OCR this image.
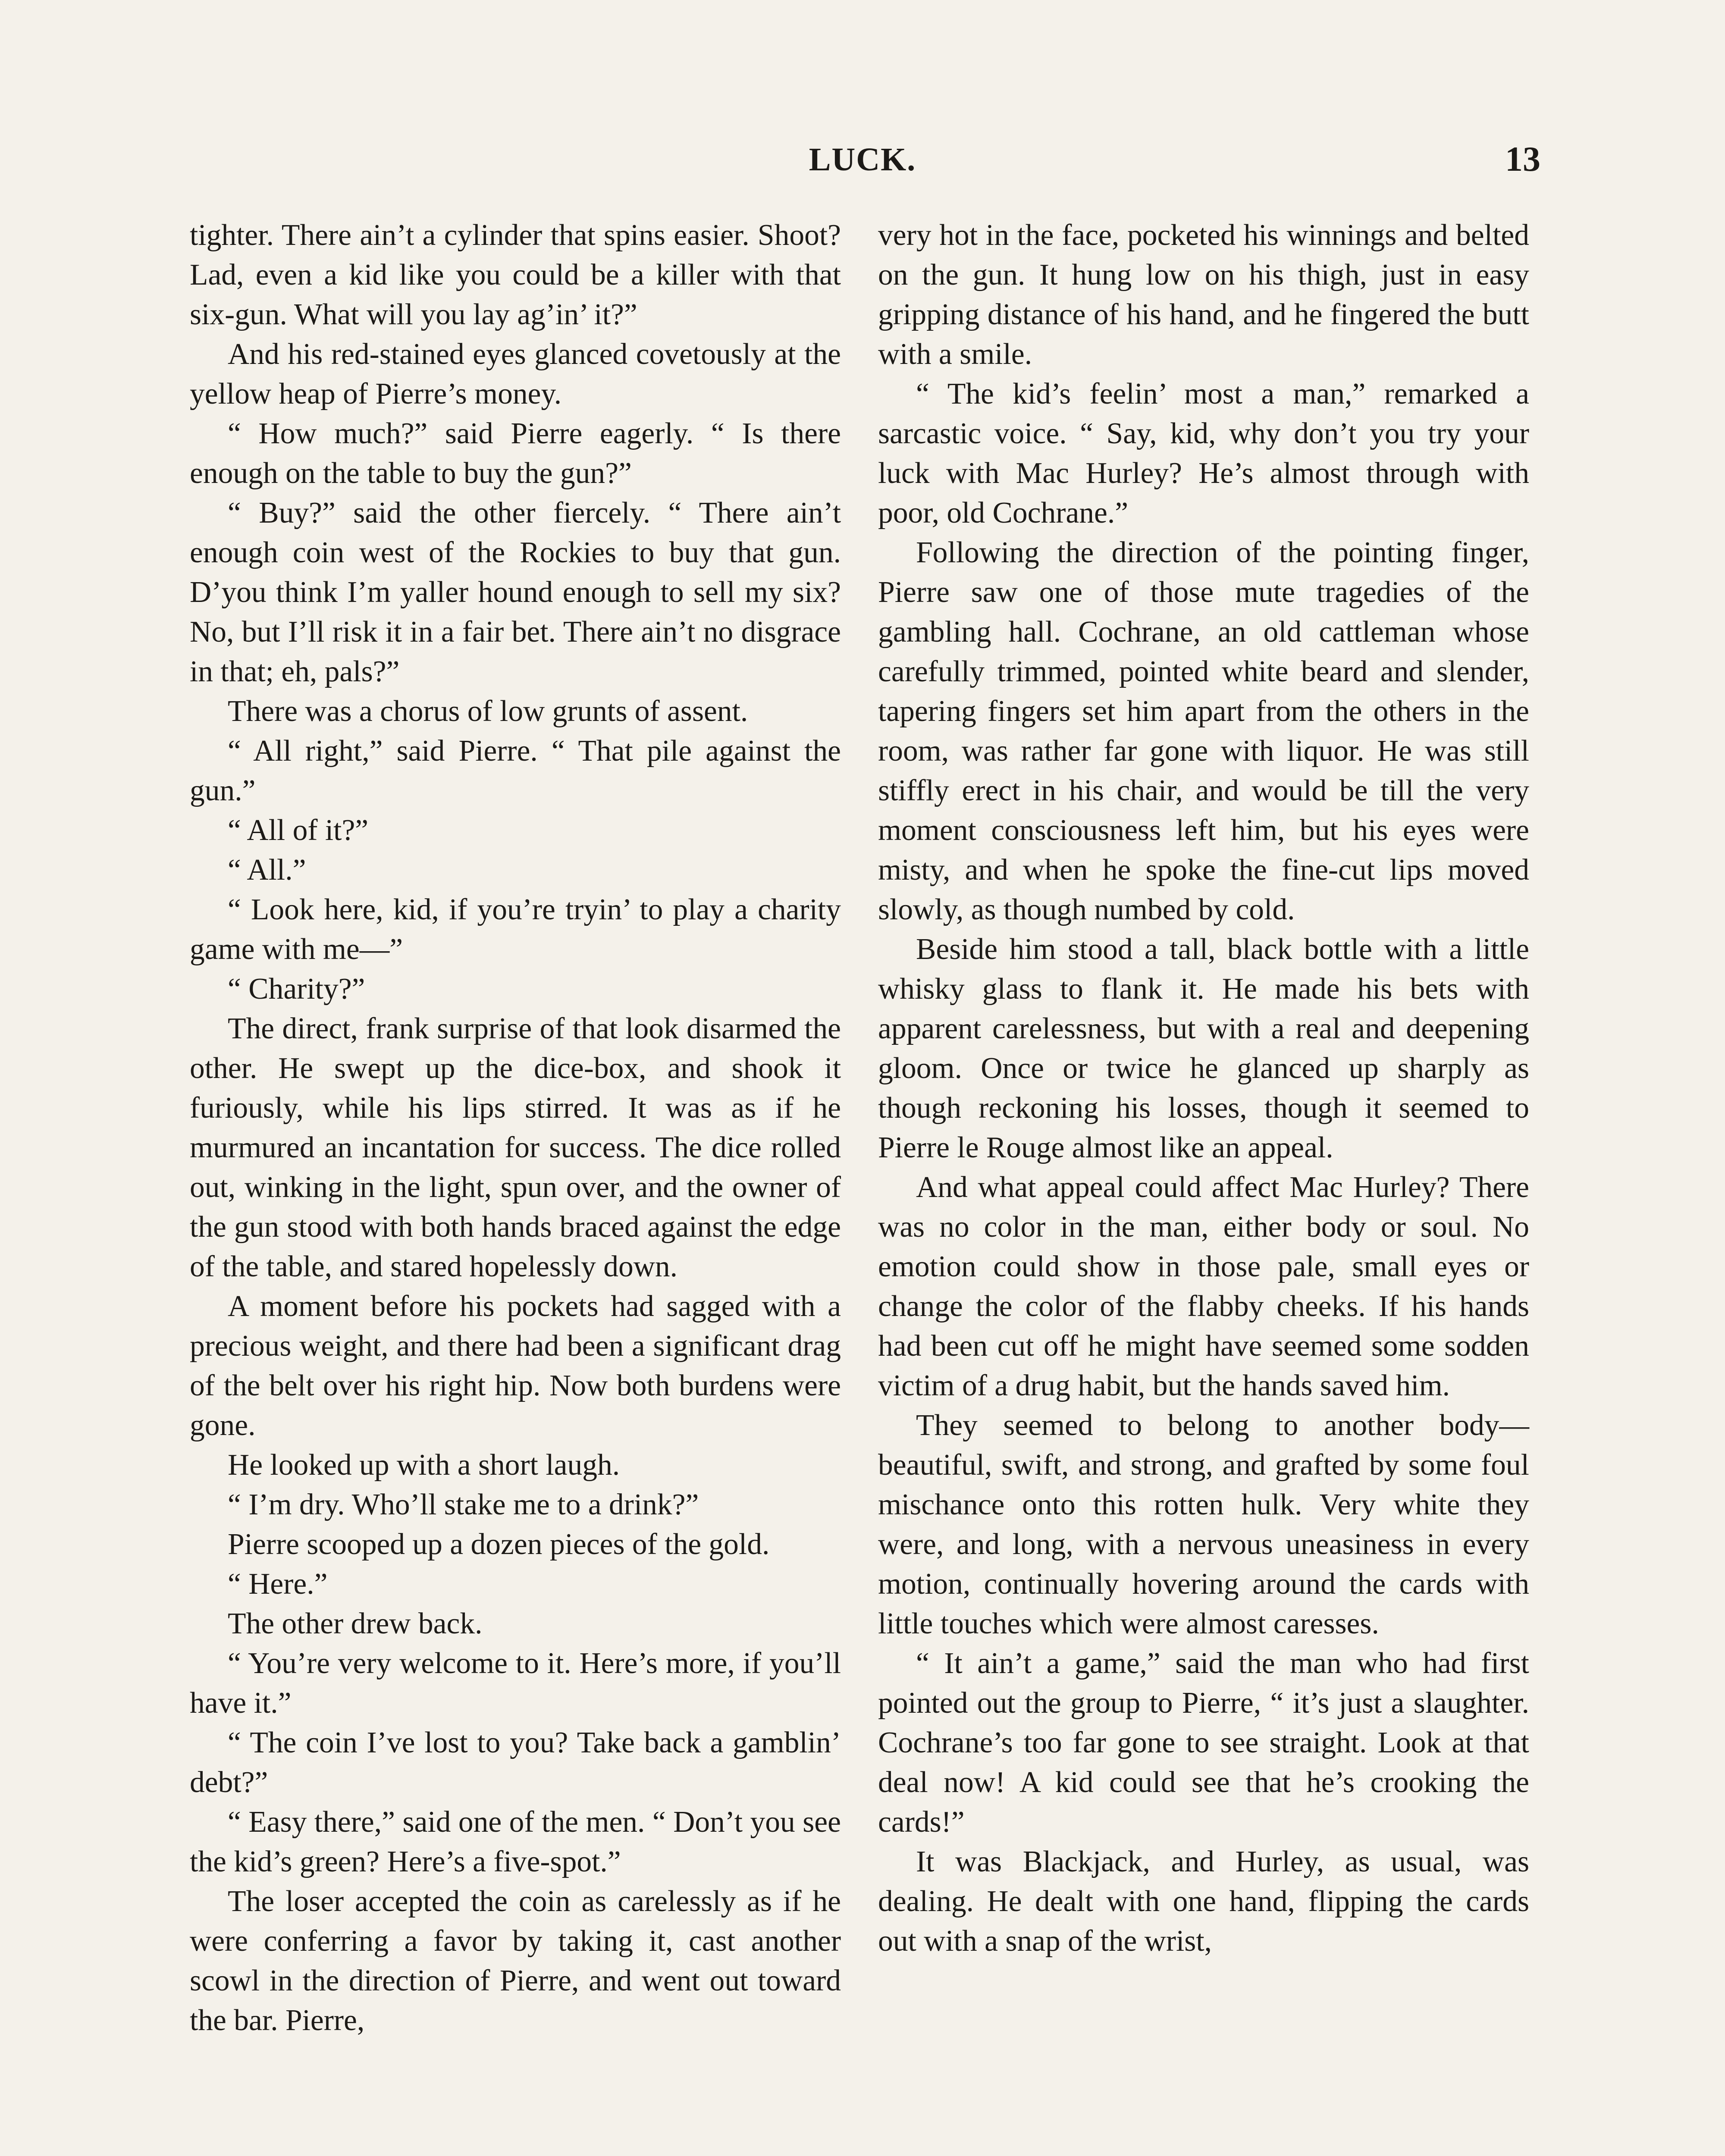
LUCK.	13

tighter. There ain’t a cylinder that spins easier. Shoot? Lad, even a kid like you could be a killer with that six-gun. What will you lay ag’in’ it?”

And his red-stained eyes glanced covetously at the yellow heap of Pierre’s money.

“ How much?” said Pierre eagerly. “ Is there enough on the table to buy the gun?”

“ Buy?” said the other fiercely. “ There ain’t enough coin west of the Rockies to buy that gun. D’you think I’m yaller hound enough to sell my six? No, but I’ll risk it in a fair bet. There ain’t no disgrace in that; eh, pals?”

There was a chorus of low grunts of assent.

“ All right,” said Pierre. “ That pile against the gun.”

“ All of it?”

“ All.”

“ Look here, kid, if you’re tryin’ to play a charity game with me—”

“ Charity?”

The direct, frank surprise of that look disarmed the other. He swept up the dice-box, and shook it furiously, while his lips stirred. It was as if he murmured an incantation for success. The dice rolled out, winking in the light, spun over, and the owner of the gun stood with both hands braced against the edge of the table, and stared hopelessly down.

A moment before his pockets had sagged with a precious weight, and there had been a significant drag of the belt over his right hip. Now both burdens were gone.

He looked up with a short laugh.

“ I’m dry. Who’ll stake me to a drink?”

Pierre scooped up a dozen pieces of the gold.

“ Here.”

The other drew back.

“ You’re very welcome to it. Here’s more, if you’ll have it.”

“ The coin I’ve lost to you? Take back a gamblin’ debt?”

“ Easy there,” said one of the men. “ Don’t you see the kid’s green? Here’s a five-spot.”

The loser accepted the coin as carelessly as if he were conferring a favor by taking it, cast another scowl in the direction of Pierre, and went out toward the bar. Pierre,

very hot in the face, pocketed his winnings and belted on the gun. It hung low on his thigh, just in easy gripping distance of his hand, and he fingered the butt with a smile.

“ The kid’s feelin’ most a man,” remarked a sarcastic voice. “ Say, kid, why don’t you try your luck with Mac Hurley? He’s almost through with poor, old Cochrane.”

Following the direction of the pointing finger, Pierre saw one of those mute tragedies of the gambling hall. Cochrane, an old cattleman whose carefully trimmed, pointed white beard and slender, tapering fingers set him apart from the others in the room, was rather far gone with liquor. He was still stiffly erect in his chair, and would be till the very moment consciousness left him, but his eyes were misty, and when he spoke the fine-cut lips moved slowly, as though numbed by cold.

Beside him stood a tall, black bottle with a little whisky glass to flank it. He made his bets with apparent carelessness, but with a real and deepening gloom. Once or twice he glanced up sharply as though reckoning his losses, though it seemed to Pierre le Rouge almost like an appeal.

And what appeal could affect Mac Hurley? There was no color in the man, either body or soul. No emotion could show in those pale, small eyes or change the color of the flabby cheeks. If his hands had been cut off he might have seemed some sodden victim of a drug habit, but the hands saved him.

They seemed to belong to another body—beautiful, swift, and strong, and grafted by some foul mischance onto this rotten hulk. Very white they were, and long, with a nervous uneasiness in every motion, continually hovering around the cards with little touches which were almost caresses.

“ It ain’t a game,” said the man who had first pointed out the group to Pierre, “ it’s just a slaughter. Cochrane’s too far gone to see straight. Look at that deal now! A kid could see that he’s crooking the cards!”

It was Blackjack, and Hurley, as usual, was dealing. He dealt with one hand, flipping the cards out with a snap of the wrist,
